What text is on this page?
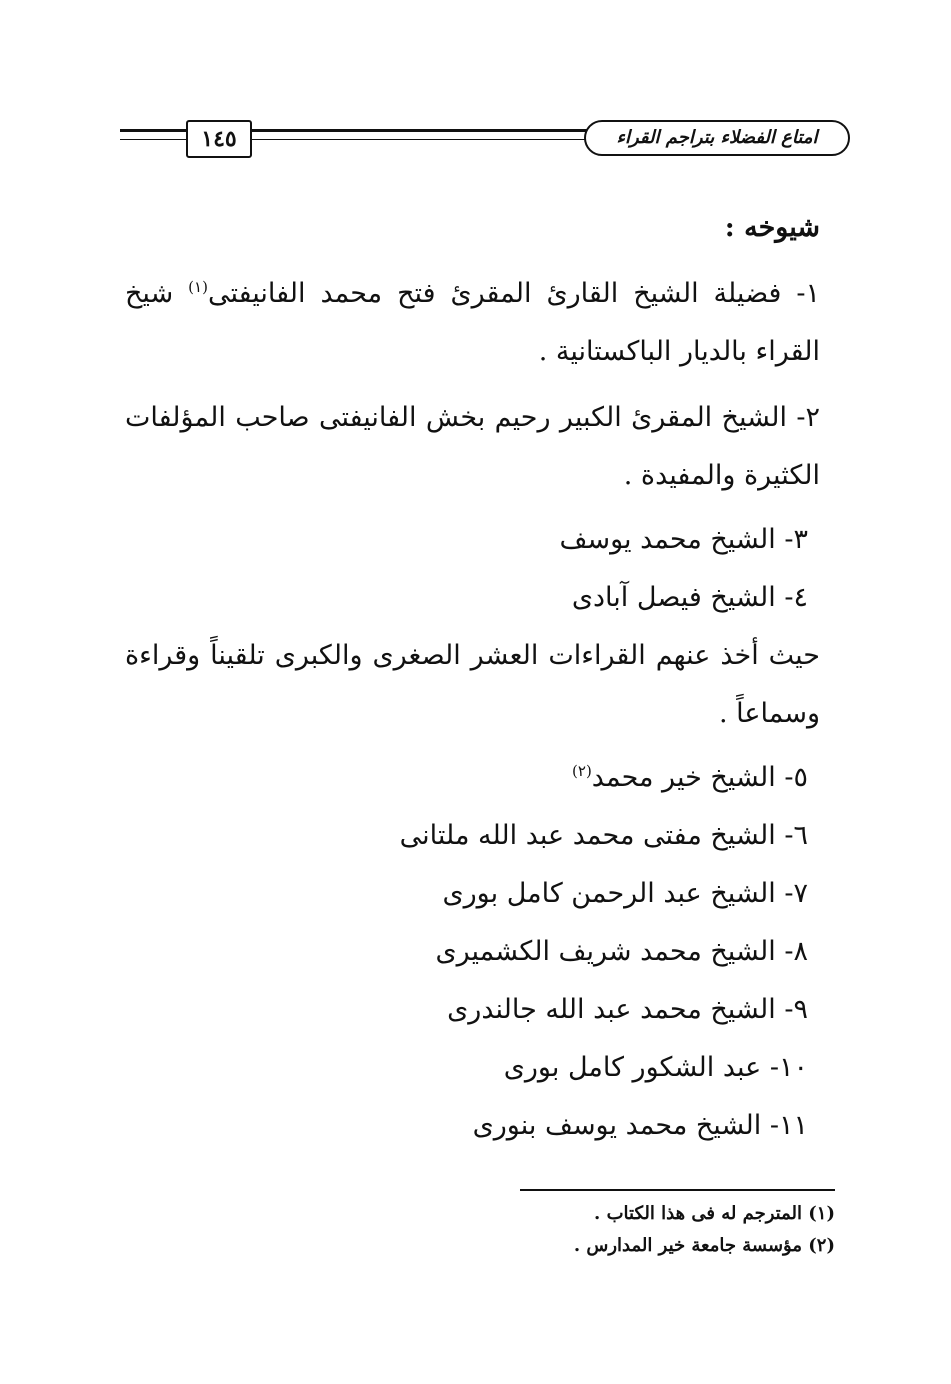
١٤٥	امتاع الفضلاء بتراجم القراء
شيوخه :
١- فضيلة الشيخ القارئ المقرئ فتح محمد الفانيفتى$^{(١)}$ شيخ القراء بالديار الباكستانية .
٢- الشيخ المقرئ الكبير رحيم بخش الفانيفتى صاحب المؤلفات الكثيرة والمفيدة .
٣- الشيخ محمد يوسف
٤- الشيخ فيصل آبادى
حيث أخذ عنهم القراءات العشر الصغرى والكبرى تلقيناً وقراءة وسماعاً .
٥- الشيخ خير محمد$^{(٢)}$
٦- الشيخ مفتى محمد عبد الله ملتانى
٧- الشيخ عبد الرحمن كامل بورى
٨- الشيخ محمد شريف الكشميرى
٩- الشيخ محمد عبد الله جالندرى
١٠- عبد الشكور كامل بورى
١١- الشيخ محمد يوسف بنورى
(١) المترجم له فى هذا الكتاب .
(٢) مؤسسة جامعة خير المدارس .
